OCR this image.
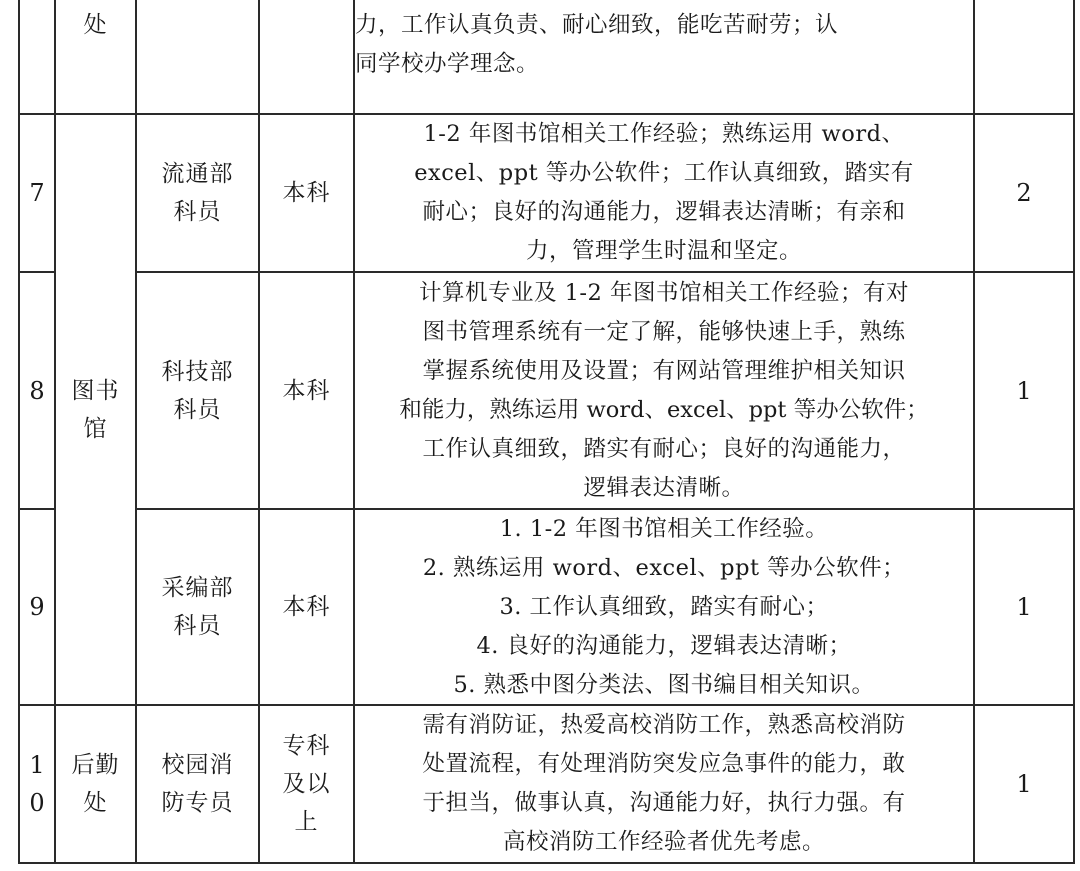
处	力，工作认真负责、耐心细致，能吃苦耐劳；认
同学校办学理念。
7
流通部
科员
本科
1-2 年图书馆相关工作经验；熟练运用 word、
excel、ppt 等办公软件；工作认真细致，踏实有
耐心；良好的沟通能力，逻辑表达清晰；有亲和
力，管理学生时温和坚定。
2
图书
馆
8
科技部
科员
本科
计算机专业及 1-2 年图书馆相关工作经验；有对
图书管理系统有一定了解，能够快速上手，熟练
掌握系统使用及设置；有网站管理维护相关知识
和能力，熟练运用 word、excel、ppt 等办公软件；
工作认真细致，踏实有耐心；良好的沟通能力，
逻辑表达清晰。
1
9
采编部
科员
本科
1. 1-2 年图书馆相关工作经验。
2. 熟练运用 word、excel、ppt 等办公软件；
3. 工作认真细致，踏实有耐心；
4. 良好的沟通能力，逻辑表达清晰；
5. 熟悉中图分类法、图书编目相关知识。
1
1
0
后勤
处
校园消
防专员
专科
及以
上
需有消防证，热爱高校消防工作，熟悉高校消防
处置流程，有处理消防突发应急事件的能力，敢
于担当，做事认真，沟通能力好，执行力强。有
高校消防工作经验者优先考虑。
1
